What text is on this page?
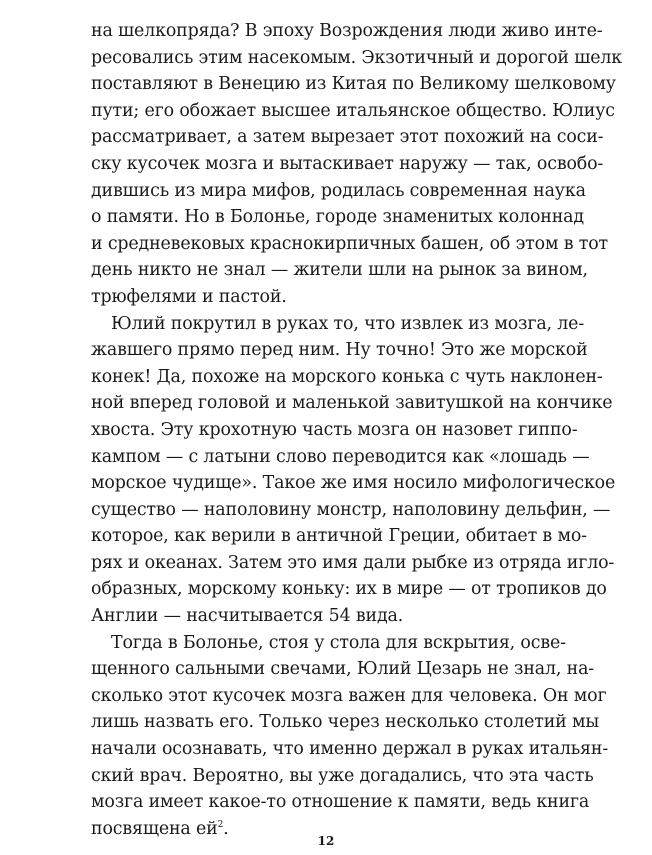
на шелкопряда? В эпоху Возрождения люди живо инте-
ресовались этим насекомым. Экзотичный и дорогой шелк
поставляют в Венецию из Китая по Великому шелковому
пути; его обожает высшее итальянское общество. Юлиус
рассматривает, а затем вырезает этот похожий на соси-
ску кусочек мозга и вытаскивает наружу — так, освобо-
дившись из мира мифов, родилась современная наука
о памяти. Но в Болонье, городе знаменитых колоннад
и средневековых краснокирпичных башен, об этом в тот
день никто не знал — жители шли на рынок за вином,
трюфелями и пастой.
Юлий покрутил в руках то, что извлек из мозга, ле-
жавшего прямо перед ним. Ну точно! Это же морской
конек! Да, похоже на морского конька с чуть наклонен-
ной вперед головой и маленькой завитушкой на кончике
хвоста. Эту крохотную часть мозга он назовет гиппо-
кампом — с латыни слово переводится как «лошадь —
морское чудище». Такое же имя носило мифологическое
существо — наполовину монстр, наполовину дельфин, —
которое, как верили в античной Греции, обитает в мо-
рях и океанах. Затем это имя дали рыбке из отряда игло-
образных, морскому коньку: их в мире — от тропиков до
Англии — насчитывается 54 вида.
Тогда в Болонье, стоя у стола для вскрытия, осве-
щенного сальными свечами, Юлий Цезарь не знал, на-
сколько этот кусочек мозга важен для человека. Он мог
лишь назвать его. Только через несколько столетий мы
начали осознавать, что именно держал в руках итальян-
ский врач. Вероятно, вы уже догадались, что эта часть
мозга имеет какое-то отношение к памяти, ведь книга
посвящена $ей^2$.
12
